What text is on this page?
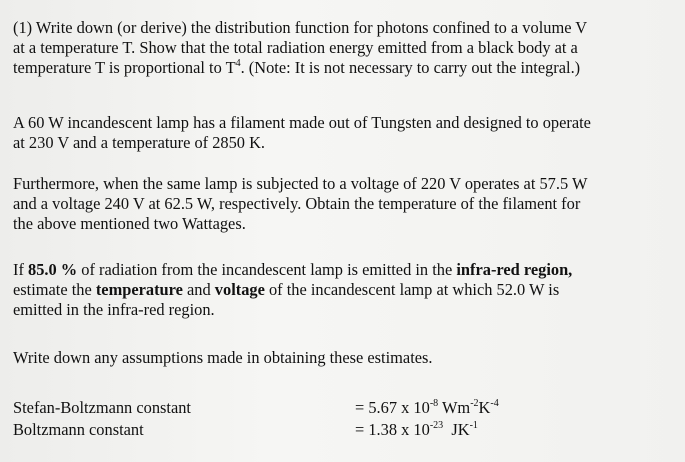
(1) Write down (or derive) the distribution function for photons confined to a volume V
at a temperature T. Show that the total radiation energy emitted from a black body at a
temperature T is proportional to $T^4$. (Note: It is not necessary to carry out the integral.)
A 60 W incandescent lamp has a filament made out of Tungsten and designed to operate
at 230 V and a temperature of 2850 K.
Furthermore, when the same lamp is subjected to a voltage of 220 V operates at 57.5 W
and a voltage 240 V at 62.5 W, respectively. Obtain the temperature of the filament for
the above mentioned two Wattages.
If 85.0 % of radiation from the incandescent lamp is emitted in the infra-red region,
estimate the temperature and voltage of the incandescent lamp at which 52.0 W is
emitted in the infra-red region.
Write down any assumptions made in obtaining these estimates.
Stefan-Boltzmann constant	= 5.67 x $10^{-8}$ $Wm^{-2}K^{-4}$
Boltzmann constant	= 1.38 x $10^{-23}$  $JK^{-1}$
